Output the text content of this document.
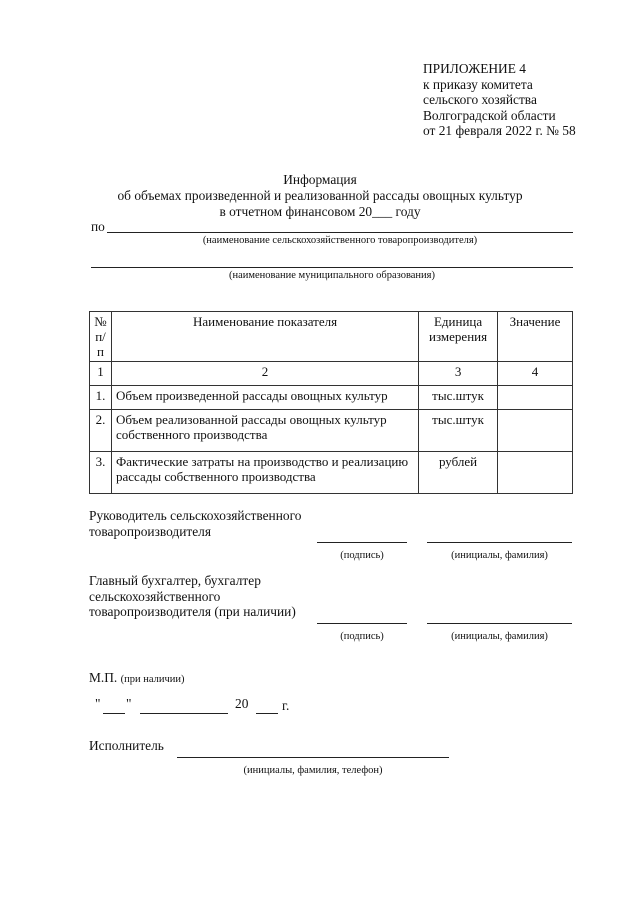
ПРИЛОЖЕНИЕ 4
к приказу комитета
сельского хозяйства
Волгоградской области
от 21 февраля 2022 г. № 58
Информация
об объемах произведенной и реализованной рассады овощных культур
в отчетном финансовом 20___ году
по
(наименование сельскохозяйственного товаропроизводителя)
(наименование муниципального образования)
№ п/п	Наименование показателя	Единица измерения	Значение
1	2	3	4
1.	Объем произведенной рассады овощных культур	тыс.штук	
2.	Объем реализованной рассады овощных культур собственного производства	тыс.штук	
3.	Фактические затраты на производство и реализацию рассады собственного производства	рублей	
Руководитель сельскохозяйственного
товаропроизводителя
(подпись)	(инициалы, фамилия)
Главный бухгалтер, бухгалтер
сельскохозяйственного
товаропроизводителя (при наличии)
(подпись)	(инициалы, фамилия)
М.П. (при наличии)
" "	20	г.
Исполнитель
(инициалы, фамилия, телефон)
